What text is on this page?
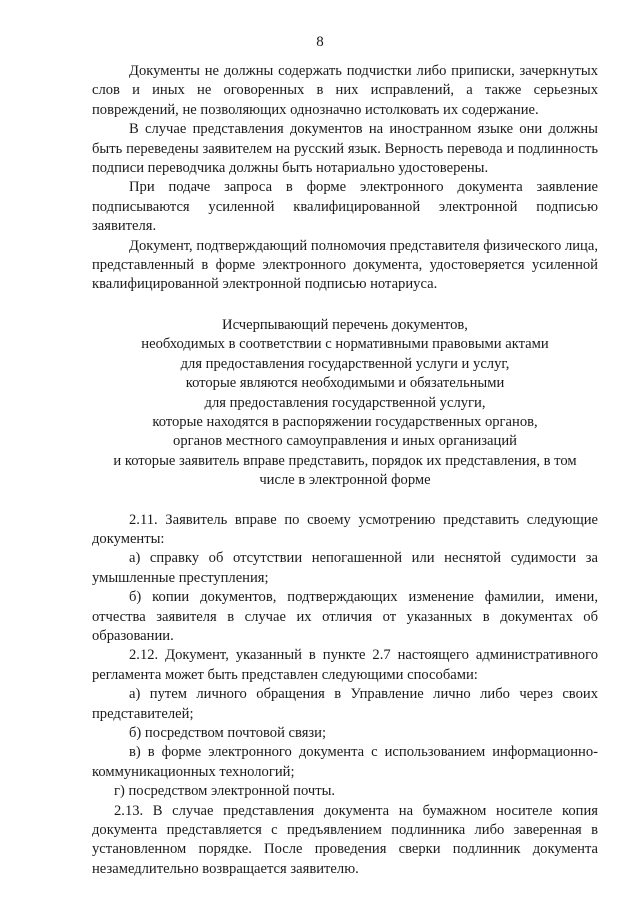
8

Документы не должны содержать подчистки либо приписки, зачеркнутых слов и иных не оговоренных в них исправлений, а также серьезных повреждений, не позволяющих однозначно истолковать их содержание.

В случае представления документов на иностранном языке они должны быть переведены заявителем на русский язык. Верность перевода и подлинность подписи переводчика должны быть нотариально удостоверены.

При подаче запроса в форме электронного документа заявление подписываются усиленной квалифицированной электронной подписью заявителя.

Документ, подтверждающий полномочия представителя физического лица, представленный в форме электронного документа, удостоверяется усиленной квалифицированной электронной подписью нотариуса.

Исчерпывающий перечень документов,
необходимых в соответствии с нормативными правовыми актами
для предоставления государственной услуги и услуг,
которые являются необходимыми и обязательными
для предоставления государственной услуги,
которые находятся в распоряжении государственных органов,
органов местного самоуправления и иных организаций
и которые заявитель вправе представить, порядок их представления, в том
числе в электронной форме

2.11. Заявитель вправе по своему усмотрению представить следующие документы:

а) справку об отсутствии непогашенной или неснятой судимости за умышленные преступления;

б) копии документов, подтверждающих изменение фамилии, имени, отчества заявителя в случае их отличия от указанных в документах об образовании.

2.12. Документ, указанный в пункте 2.7 настоящего административного регламента может быть представлен следующими способами:

а) путем личного обращения в Управление лично либо через своих представителей;

б) посредством почтовой связи;

в) в форме электронного документа с использованием информационно-коммуникационных технологий;

г) посредством электронной почты.

2.13. В случае представления документа на бумажном носителе копия документа представляется с предъявлением подлинника либо заверенная в установленном порядке. После проведения сверки подлинник документа незамедлительно возвращается заявителю.
